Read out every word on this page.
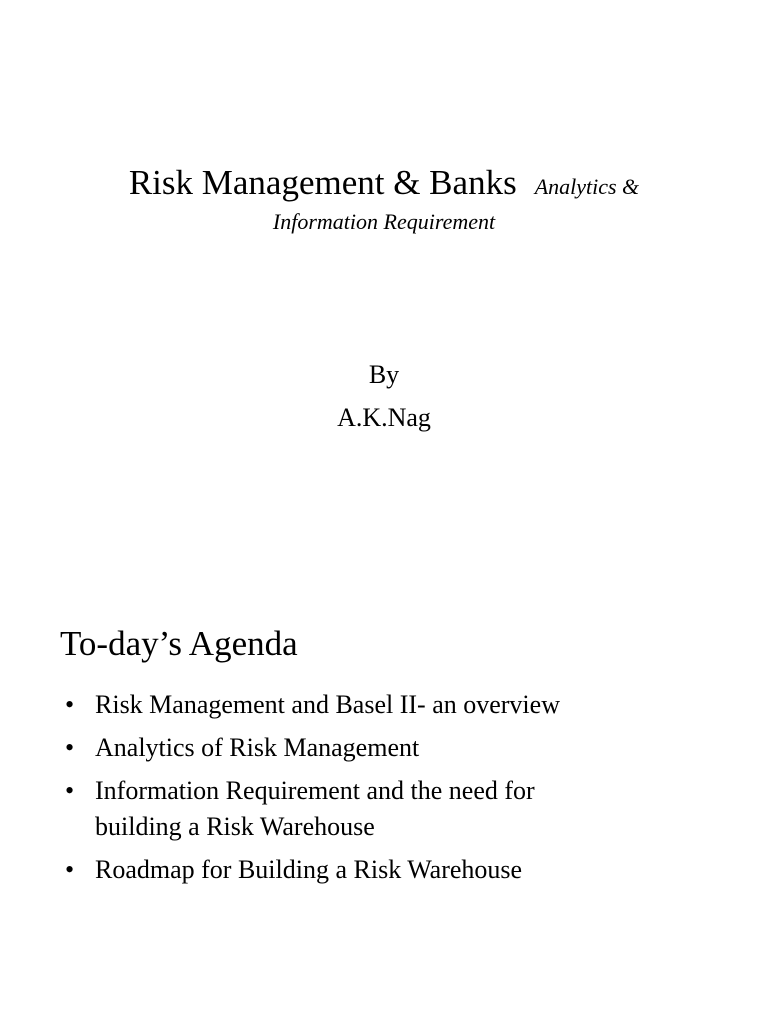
Risk Management & Banks Analytics &
Information Requirement
By
A.K.Nag
To-day’s Agenda
• Risk Management and Basel II- an overview
• Analytics of Risk Management
• Information Requirement and the need for building a Risk Warehouse
• Roadmap for Building a Risk Warehouse
